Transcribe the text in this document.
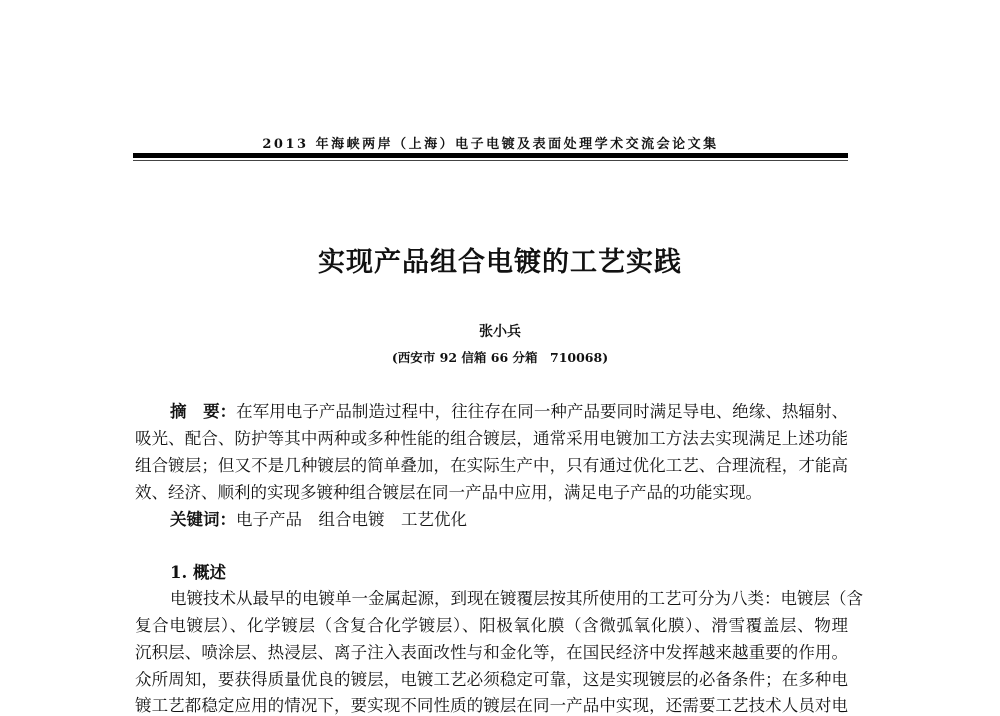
2013 年海峡两岸（上海）电子电镀及表面处理学术交流会论文集
实现产品组合电镀的工艺实践
张小兵
(西安市 92 信箱 66 分箱　710068)
摘　要：在军用电子产品制造过程中，往往存在同一种产品要同时满足导电、绝缘、热辐射、
吸光、配合、防护等其中两种或多种性能的组合镀层，通常采用电镀加工方法去实现满足上述功能
组合镀层；但又不是几种镀层的简单叠加，在实际生产中，只有通过优化工艺、合理流程，才能高
效、经济、顺利的实现多镀种组合镀层在同一产品中应用，满足电子产品的功能实现。
关键词：电子产品　组合电镀　工艺优化
1. 概述
电镀技术从最早的电镀单一金属起源，到现在镀覆层按其所使用的工艺可分为八类：电镀层（含
复合电镀层）、化学镀层（含复合化学镀层）、阳极氧化膜（含微弧氧化膜）、滑雪覆盖层、物理
沉积层、喷涂层、热浸层、离子注入表面改性与和金化等，在国民经济中发挥越来越重要的作用。
众所周知，要获得质量优良的镀层，电镀工艺必须稳定可靠，这是实现镀层的必备条件；在多种电
镀工艺都稳定应用的情况下，要实现不同性质的镀层在同一产品中实现，还需要工艺技术人员对电
